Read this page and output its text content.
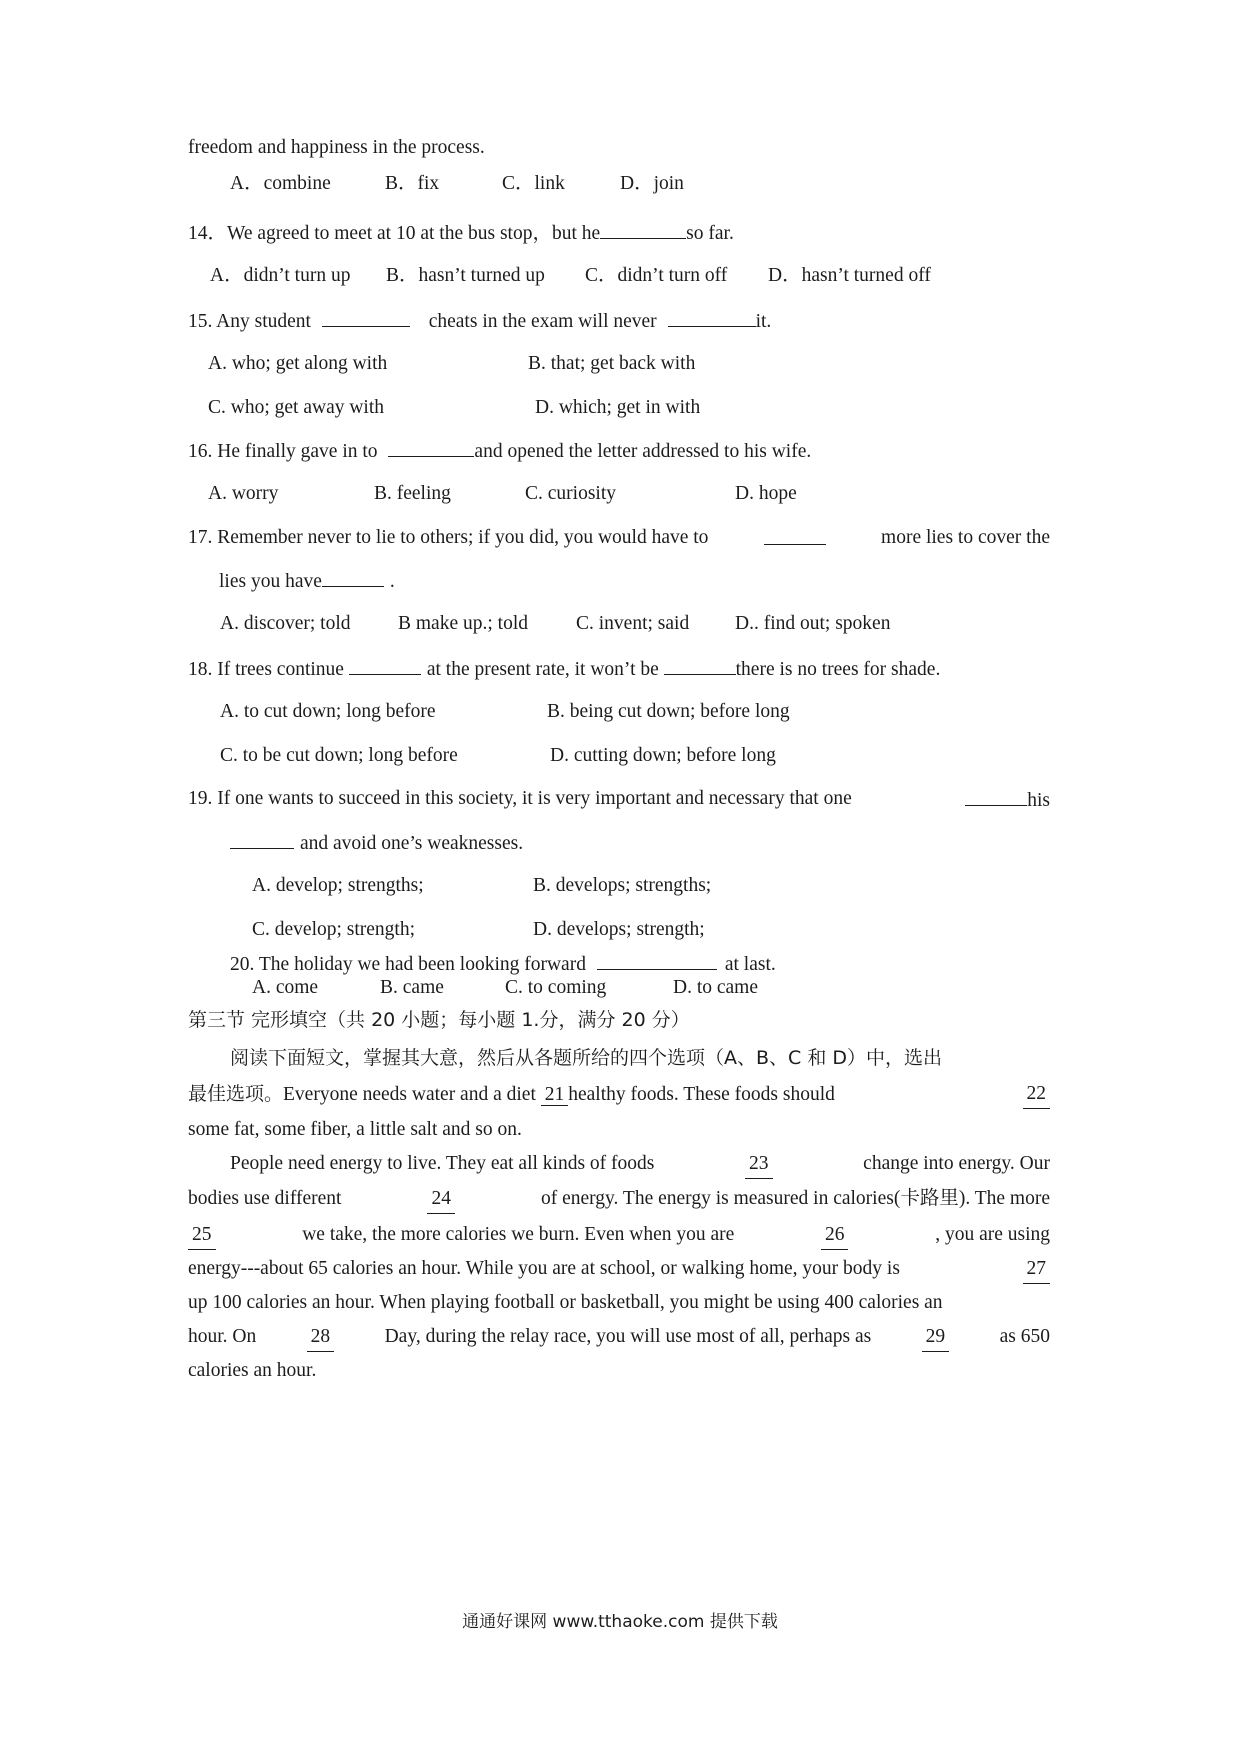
freedom and happiness in the process.
A．combine	B．fix	C．link	D．join
14．We agreed to meet at 10 at the bus stop，but he	so far.
A．didn’t turn up B．hasn’t turned up C．didn’t turn off D．hasn’t turned off
15. Any student	cheats in the exam will never	it.
A. who; get along with	B. that; get back with
C. who; get away with	D. which; get in with
16. He finally gave in to	and opened the letter addressed to his wife.
A. worry	B. feeling	C. curiosity	D. hope
17. Remember never to lie to others; if you did, you would have to	more lies to cover the
lies you have	.
A. discover; told B make up.; told C. invent; said D.. find out; spoken
18. If trees continue	at the present rate, it won’t be	there is no trees for shade.
A. to cut down; long before	B. being cut down; before long
C. to be cut down; long before	D. cutting down; before long
19. If one wants to succeed in this society, it is very important and necessary that one	his
and avoid one’s weaknesses.
A. develop; strengths;	B. develops; strengths;
C. develop; strength;	D. develops; strength;
20. The holiday we had been looking forward	at last.
A. come	B. came	C. to coming	D. to came
第三节 完形填空（共 20 小题；每小题 1.分，满分 20 分）
阅读下面短文，掌握其大意，然后从各题所给的四个选项（A、B、C 和 D）中，选出
最佳选项。Everyone needs water and a diet 21 healthy foods. These foods should	22
some fat, some fiber, a little salt and so on.
People need energy to live. They eat all kinds of foods	23	change into energy. Our
bodies use different	24	of energy. The energy is measured in calories(卡路里). The more
25	we take, the more calories we burn. Even when you are	26	, you are using
energy---about 65 calories an hour. While you are at school, or walking home, your body is	27
up 100 calories an hour. When playing football or basketball, you might be using 400 calories an
hour. On	28	Day, during the relay race, you will use most of all, perhaps as	29	as 650
calories an hour.
通通好课网 www.tthaoke.com 提供下载
